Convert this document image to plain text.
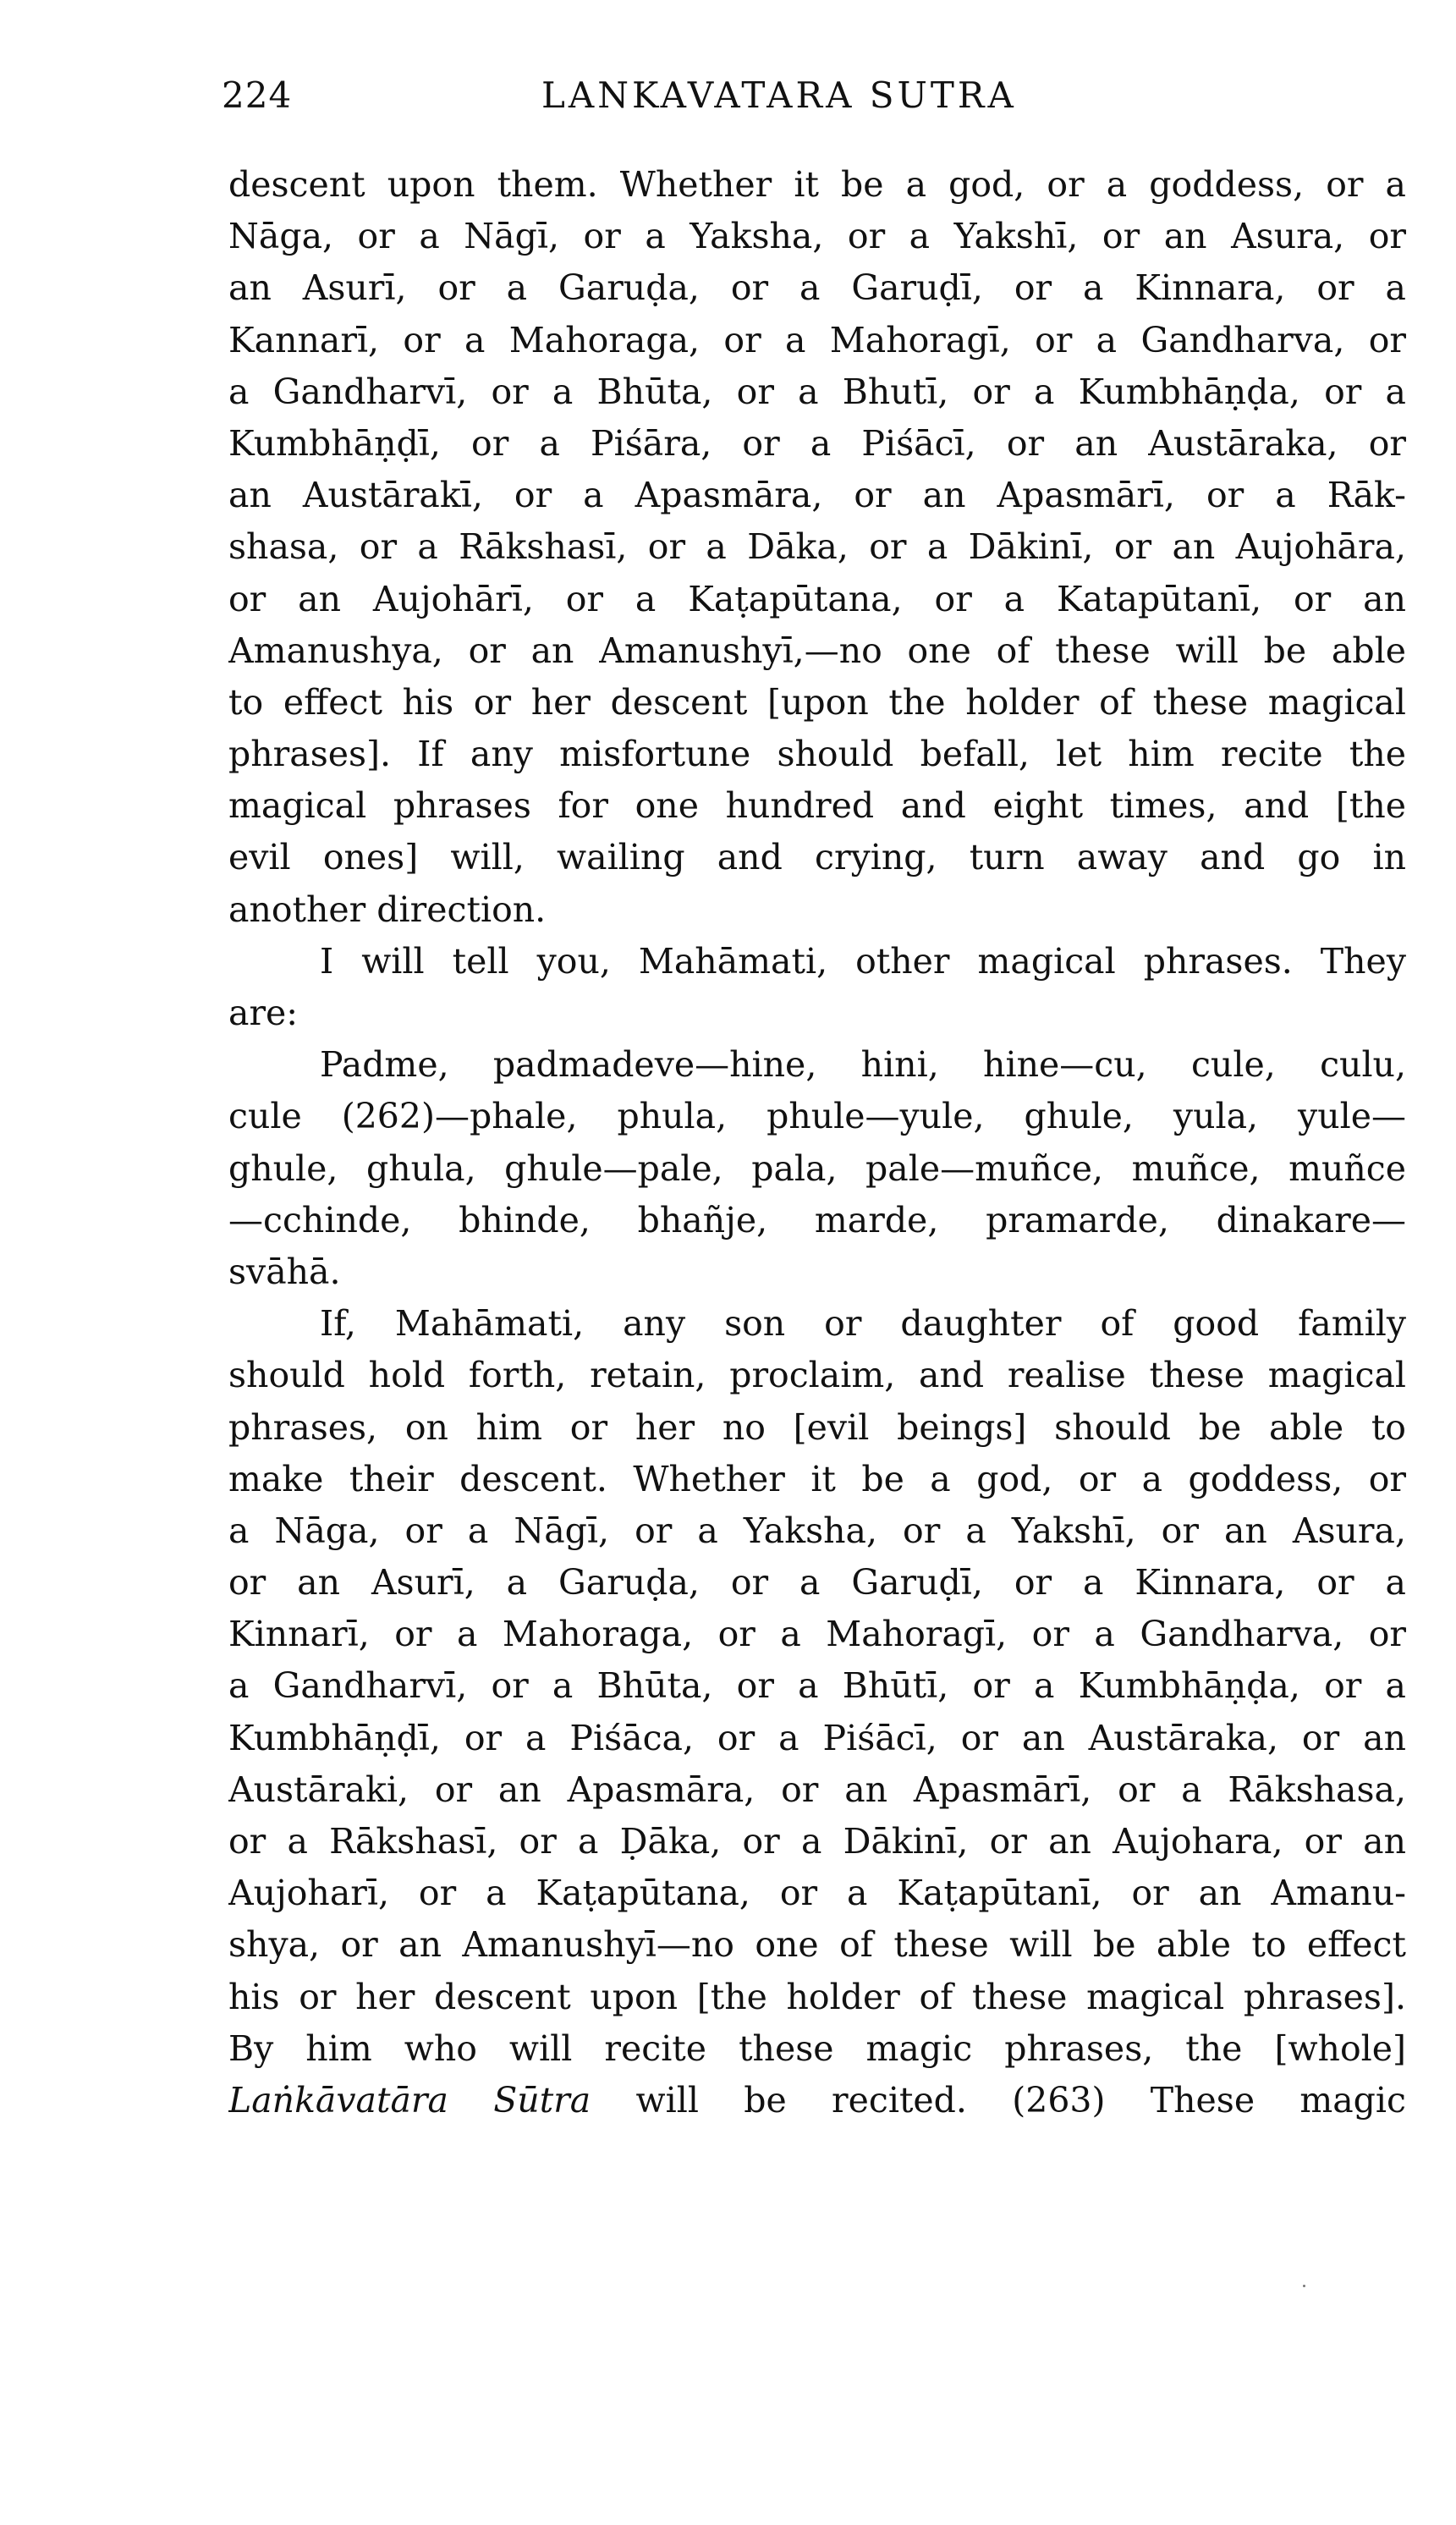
224	LANKAVATARA SUTRA
descent upon them. Whether it be a god, or a goddess, or a
Nāga, or a Nāgī, or a Yaksha, or a Yakshī, or an Asura, or
an Asurī, or a Garuḍa, or a Garuḍī, or a Kinnara, or a
Kannarī, or a Mahoraga, or a Mahoragī, or a Gandharva, or
a Gandharvī, or a Bhūta, or a Bhutī, or a Kumbhāṇḍa, or a
Kumbhāṇḍī, or a Piśāra, or a Piśācī, or an Austāraka, or
an Austārakī, or a Apasmāra, or an Apasmārī, or a Rāk-
shasa, or a Rākshasī, or a Dāka, or a Dākinī, or an Aujohāra,
or an Aujohārī, or a Kaṭapūtana, or a Katapūtanī, or an
Amanushya, or an Amanushyī,—no one of these will be able
to effect his or her descent [upon the holder of these magical
phrases]. If any misfortune should befall, let him recite the
magical phrases for one hundred and eight times, and [the
evil ones] will, wailing and crying, turn away and go in
another direction.
I will tell you, Mahāmati, other magical phrases. They
are:
Padme, padmadeve—hine, hini, hine—cu, cule, culu,
cule (262)—phale, phula, phule—yule, ghule, yula, yule—
ghule, ghula, ghule—pale, pala, pale—muñce, muñce, muñce
—cchinde, bhinde, bhañje, marde, pramarde, dinakare—
svāhā.
If, Mahāmati, any son or daughter of good family
should hold forth, retain, proclaim, and realise these magical
phrases, on him or her no [evil beings] should be able to
make their descent. Whether it be a god, or a goddess, or
a Nāga, or a Nāgī, or a Yaksha, or a Yakshī, or an Asura,
or an Asurī, a Garuḍa, or a Garuḍī, or a Kinnara, or a
Kinnarī, or a Mahoraga, or a Mahoragī, or a Gandharva, or
a Gandharvī, or a Bhūta, or a Bhūtī, or a Kumbhāṇḍa, or a
Kumbhāṇḍī, or a Piśāca, or a Piśācī, or an Austāraka, or an
Austāraki, or an Apasmāra, or an Apasmārī, or a Rākshasa,
or a Rākshasī, or a Ḍāka, or a Dākinī, or an Aujohara, or an
Aujoharī, or a Kaṭapūtana, or a Kaṭapūtanī, or an Amanu-
shya, or an Amanushyī—no one of these will be able to effect
his or her descent upon [the holder of these magical phrases].
By him who will recite these magic phrases, the [whole]
Laṅkāvatāra Sūtra will be recited. (263) These magic
